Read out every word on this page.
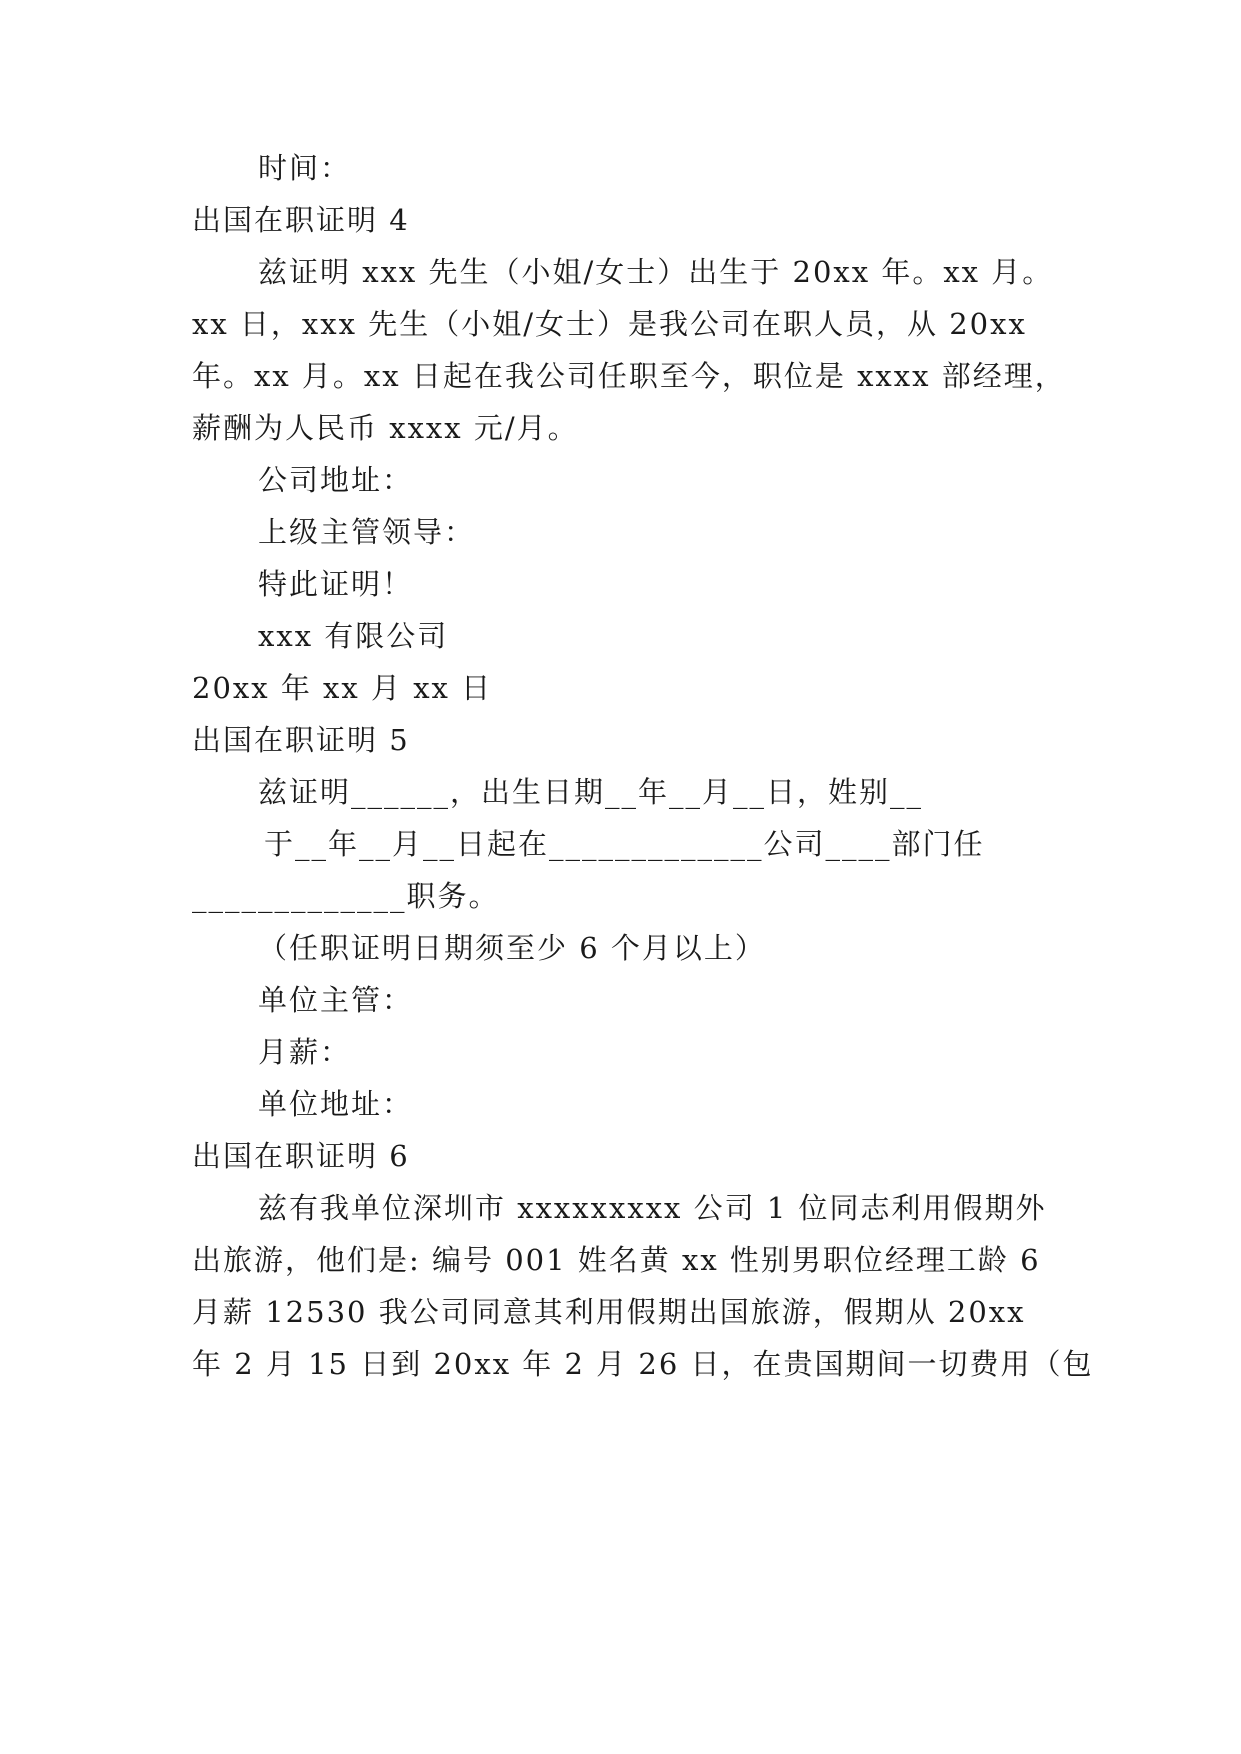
时间：
出国在职证明 4
兹证明 xxx 先生（小姐/女士）出生于 20xx 年。xx 月。
xx 日，xxx 先生（小姐/女士）是我公司在职人员，从 20xx
年。xx 月。xx 日起在我公司任职至今，职位是 xxxx 部经理，
薪酬为人民币 xxxx 元/月。
公司地址：
上级主管领导：
特此证明！
xxx 有限公司
20xx 年 xx 月 xx 日
出国在职证明 5
兹证明______，出生日期__年__月__日，姓别__
于__年__月__日起在_____________公司____部门任
_____________职务。
（任职证明日期须至少 6 个月以上）
单位主管：
月薪：
单位地址：
出国在职证明 6
兹有我单位深圳市 xxxxxxxxx 公司 1 位同志利用假期外
出旅游，他们是: 编号 001 姓名黄 xx 性别男职位经理工龄 6
月薪 12530 我公司同意其利用假期出国旅游，假期从 20xx
年 2 月 15 日到 20xx 年 2 月 26 日，在贵国期间一切费用（包
